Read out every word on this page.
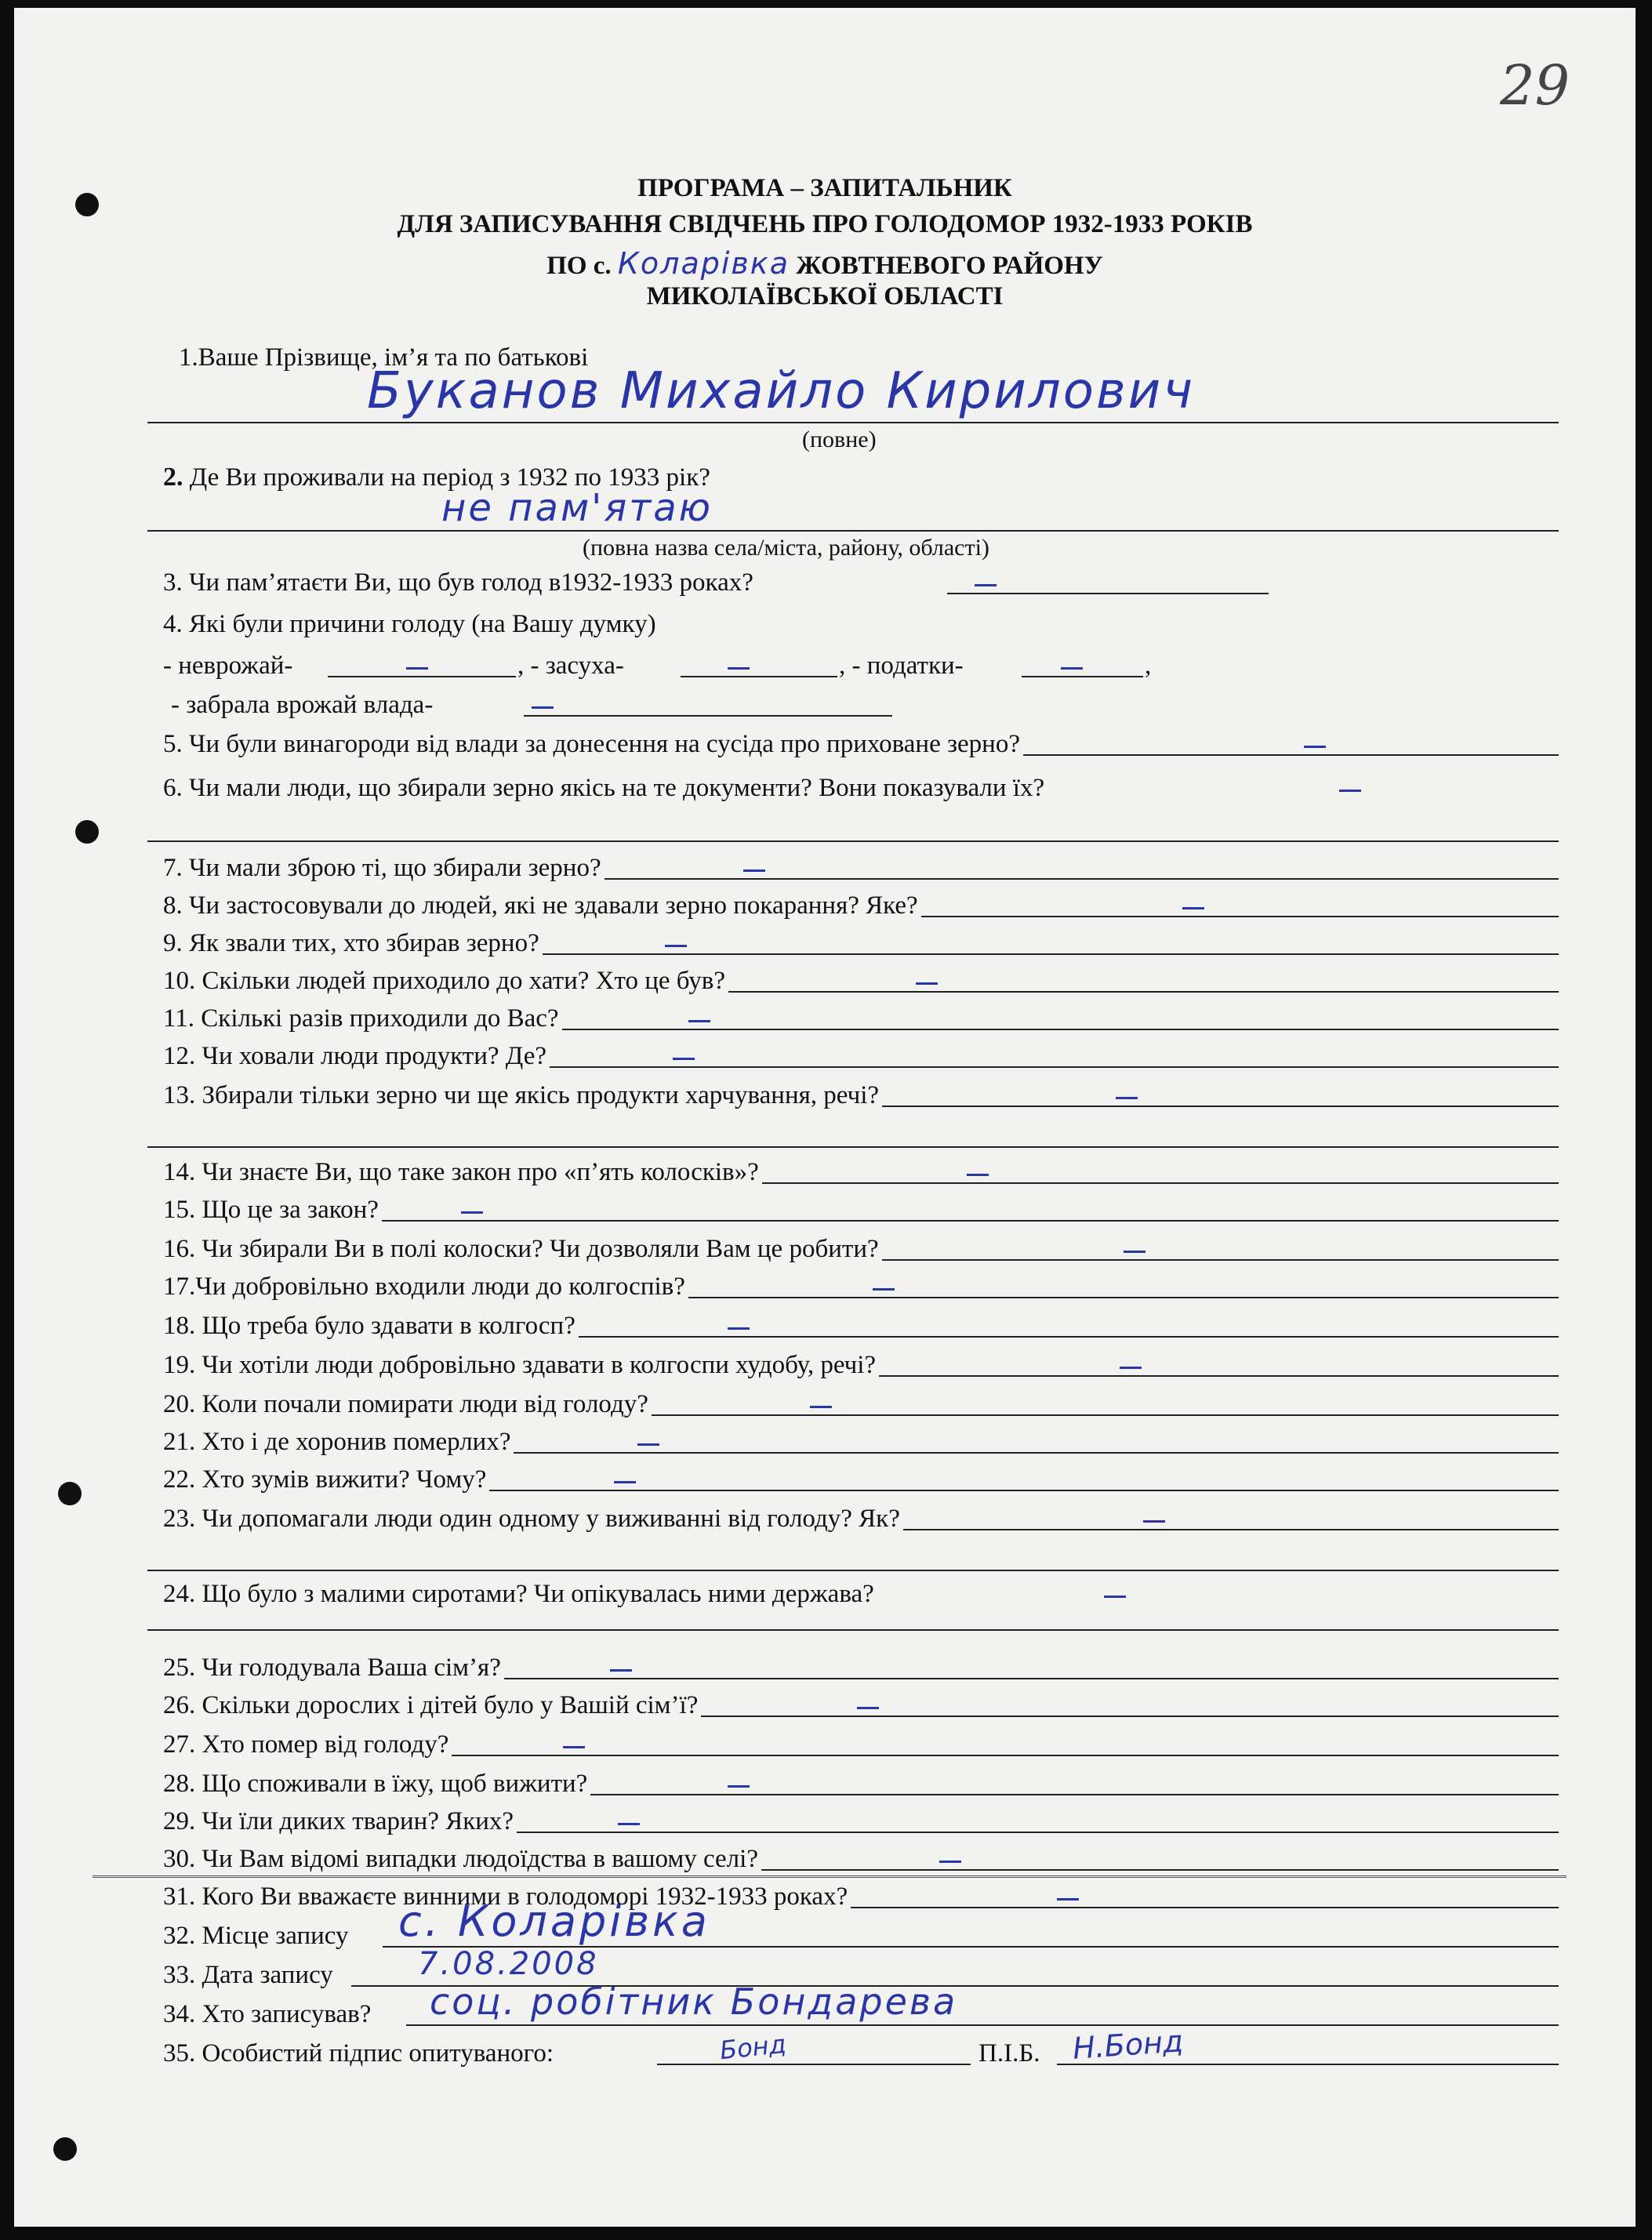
29
ПРОГРАМА – ЗАПИТАЛЬНИК
ДЛЯ ЗАПИСУВАННЯ СВІДЧЕНЬ ПРО ГОЛОДОМОР 1932-1933 РОКІВ
ПО с. Коларівка ЖОВТНЕВОГО РАЙОНУ
МИКОЛАЇВСЬКОЇ ОБЛАСТІ
1.Ваше Прізвище, ім’я та по батькові
Буканов Михайло Кирилович
(повне)
2. Де Ви проживали на період з 1932 по 1933 рік?
не пам'ятаю
(повна назва села/міста, району, області)
3. Чи пам’ятаєти Ви, що був голод в1932-1933 роках?
4. Які були причини голоду (на Вашу думку)
- неврожай-	, - засуха-	, - податки-	,
- забрала врожай влада-
5. Чи були винагороди від влади за донесення на сусіда про приховане зерно?
6. Чи мали люди, що збирали зерно якісь на те документи? Вони показували їх?
7. Чи мали зброю ті, що збирали зерно?
8. Чи застосовували до людей, які не здавали зерно покарання? Яке?
9. Як звали тих, хто збирав зерно?
10. Скільки людей приходило до хати? Хто це був?
11. Скількі разів приходили до Вас?
12. Чи ховали люди продукти? Де?
13. Збирали тільки зерно чи ще якісь продукти харчування, речі?
14. Чи знаєте Ви, що таке закон про «п’ять колосків»?
15. Що це за закон?
16. Чи збирали Ви в полі колоски? Чи дозволяли Вам це робити?
17.Чи добровільно входили люди до колгоспів?
18. Що треба було здавати в колгосп?
19. Чи хотіли люди добровільно здавати в колгоспи худобу, речі?
20. Коли почали помирати люди від голоду?
21. Хто і де хоронив померлих?
22. Хто зумів вижити? Чому?
23. Чи допомагали люди один одному у виживанні від голоду? Як?
24. Що було з малими сиротами? Чи опікувалась ними держава?
25. Чи голодувала Ваша сім’я?
26. Скільки дорослих і дітей було у Вашій сім’ї?
27. Хто помер від голоду?
28. Що споживали в їжу, щоб вижити?
29. Чи їли диких тварин? Яких?
30. Чи Вам відомі випадки людоїдства в вашому селі?
31. Кого Ви вважаєте винними в голодоморі 1932-1933 роках?
32. Місце запису с. Коларівка
33. Дата запису	7.08.2008
34. Хто записував? соц. робітник Бондарева
35. Особистий підпис опитуваного:	Бонд	П.І.Б. Н.Бонд
